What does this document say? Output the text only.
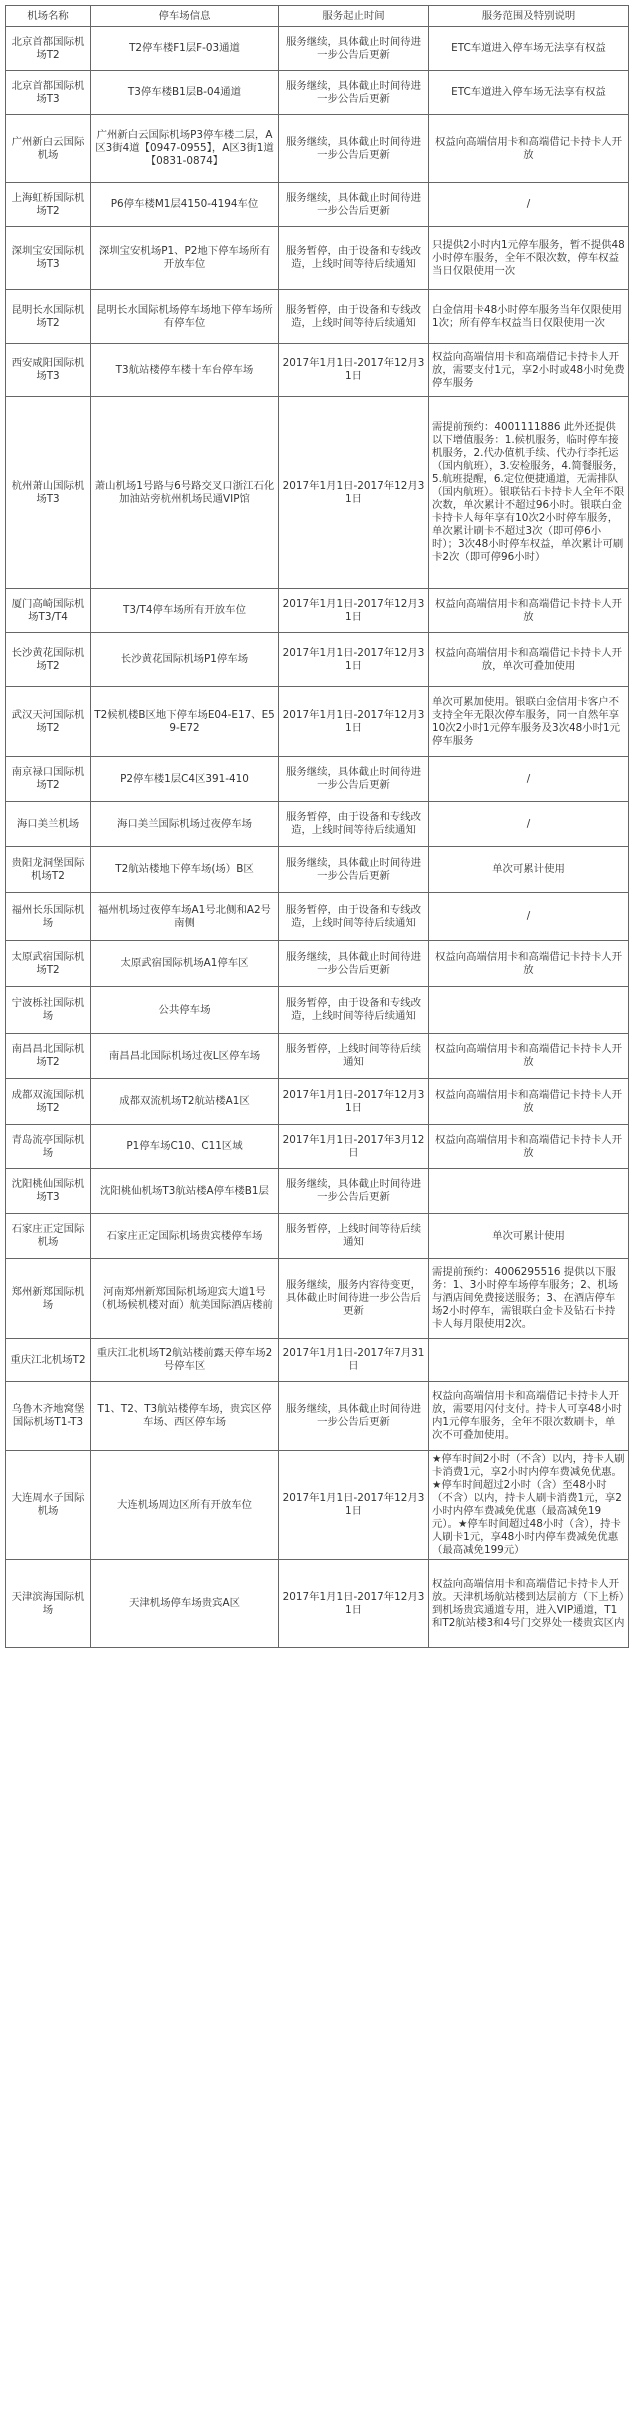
机场名称	停车场信息	服务起止时间	服务范围及特别说明
北京首都国际机场T2	T2停车楼F1层F-03通道	服务继续，具体截止时间待进一步公告后更新	ETC车道进入停车场无法享有权益
北京首都国际机场T3	T3停车楼B1层B-04通道	服务继续，具体截止时间待进一步公告后更新	ETC车道进入停车场无法享有权益
广州新白云国际机场	广州新白云国际机场P3停车楼二层，A区3街4道【0947-0955】，A区3街1道【0831-0874】	服务继续，具体截止时间待进一步公告后更新	权益向高端信用卡和高端借记卡持卡人开放
上海虹桥国际机场T2	P6停车楼M1层4150-4194车位	服务继续，具体截止时间待进一步公告后更新	/
深圳宝安国际机场T3	深圳宝安机场P1、P2地下停车场所有开放车位	服务暂停，由于设备和专线改造，上线时间等待后续通知	只提供2小时内1元停车服务，暂不提供48小时停车服务，全年不限次数，停车权益当日仅限使用一次
昆明长水国际机场T2	昆明长水国际机场停车场地下停车场所有停车位	服务暂停，由于设备和专线改造，上线时间等待后续通知	白金信用卡48小时停车服务当年仅限使用1次；所有停车权益当日仅限使用一次
西安咸阳国际机场T3	T3航站楼停车楼十车台停车场	2017年1月1日-2017年12月31日	权益向高端信用卡和高端借记卡持卡人开放，需要支付1元，享2小时或48小时免费停车服务
杭州萧山国际机场T3	萧山机场1号路与6号路交叉口浙江石化加油站旁杭州机场民通VIP馆	2017年1月1日-2017年12月31日	需提前预约：4001111886 此外还提供以下增值服务：1.候机服务，临时停车接机服务，2.代办值机手续、代办行李托运（国内航班），3.安检服务，4.简餐服务，5.航班提醒，6.定位便捷通道，无需排队（国内航班）。银联钻石卡持卡人全年不限次数，单次累计不超过96小时。银联白金卡持卡人每年享有10次2小时停车服务，单次累计刷卡不超过3次（即可停6小时）；3次48小时停车权益，单次累计可刷卡2次（即可停96小时）
厦门高崎国际机场T3/T4	T3/T4停车场所有开放车位	2017年1月1日-2017年12月31日	权益向高端信用卡和高端借记卡持卡人开放
长沙黄花国际机场T2	长沙黄花国际机场P1停车场	2017年1月1日-2017年12月31日	权益向高端信用卡和高端借记卡持卡人开放，单次可叠加使用
武汉天河国际机场T2	T2候机楼B区地下停车场E04-E17、E59-E72	2017年1月1日-2017年12月31日	单次可累加使用。银联白金信用卡客户不支持全年无限次停车服务，同一自然年享10次2小时1元停车服务及3次48小时1元停车服务
南京禄口国际机场T2	P2停车楼1层C4区391-410	服务继续，具体截止时间待进一步公告后更新	/
海口美兰机场	海口美兰国际机场过夜停车场	服务暂停，由于设备和专线改造，上线时间等待后续通知	/
贵阳龙洞堡国际机场T2	T2航站楼地下停车场(场）B区	服务继续，具体截止时间待进一步公告后更新	单次可累计使用
福州长乐国际机场	福州机场过夜停车场A1号北侧和A2号南侧	服务暂停，由于设备和专线改造，上线时间等待后续通知	/
太原武宿国际机场T2	太原武宿国际机场A1停车区	服务继续，具体截止时间待进一步公告后更新	权益向高端信用卡和高端借记卡持卡人开放
宁波栎社国际机场	公共停车场	服务暂停，由于设备和专线改造，上线时间等待后续通知	
南昌昌北国际机场T2	南昌昌北国际机场过夜L区停车场	服务暂停，上线时间等待后续通知	权益向高端信用卡和高端借记卡持卡人开放
成都双流国际机场T2	成都双流机场T2航站楼A1区	2017年1月1日-2017年12月31日	权益向高端信用卡和高端借记卡持卡人开放
青岛流亭国际机场	P1停车场C10、C11区域	2017年1月1日-2017年3月12日	权益向高端信用卡和高端借记卡持卡人开放
沈阳桃仙国际机场T3	沈阳桃仙机场T3航站楼A停车楼B1层	服务继续，具体截止时间待进一步公告后更新	
石家庄正定国际机场	石家庄正定国际机场贵宾楼停车场	服务暂停，上线时间等待后续通知	单次可累计使用
郑州新郑国际机场	河南郑州新郑国际机场迎宾大道1号（机场候机楼对面）航美国际酒店楼前	服务继续，服务内容待变更，具体截止时间待进一步公告后更新	需提前预约：4006295516 提供以下服务：1、3小时停车场停车服务；2、机场与酒店间免费接送服务；3、在酒店停车场2小时停车，需银联白金卡及钻石卡持卡人每月限使用2次。
重庆江北机场T2	重庆江北机场T2航站楼前露天停车场2号停车区	2017年1月1日-2017年7月31日	
乌鲁木齐地窝堡国际机场T1-T3	T1、T2、T3航站楼停车场，贵宾区停车场、西区停车场	服务继续，具体截止时间待进一步公告后更新	权益向高端信用卡和高端借记卡持卡人开放，需要用闪付支付。持卡人可享48小时内1元停车服务，全年不限次数刷卡，单次不可叠加使用。
大连周水子国际机场	大连机场周边区所有开放车位	2017年1月1日-2017年12月31日	★停车时间2小时（不含）以内，持卡人刷卡消费1元，享2小时内停车费减免优惠。★停车时间超过2小时（含）至48小时（不含）以内，持卡人刷卡消费1元，享2小时内停车费减免优惠（最高减免19元）。★停车时间超过48小时（含），持卡人刷卡1元，享48小时内停车费减免优惠（最高减免199元）
天津滨海国际机场	天津机场停车场贵宾A区	2017年1月1日-2017年12月31日	权益向高端信用卡和高端借记卡持卡人开放。天津机场航站楼到达层前方（下上桥）到机场贵宾通道专用，进入VIP通道，T1和T2航站楼3和4号门交界处一楼贵宾区内
